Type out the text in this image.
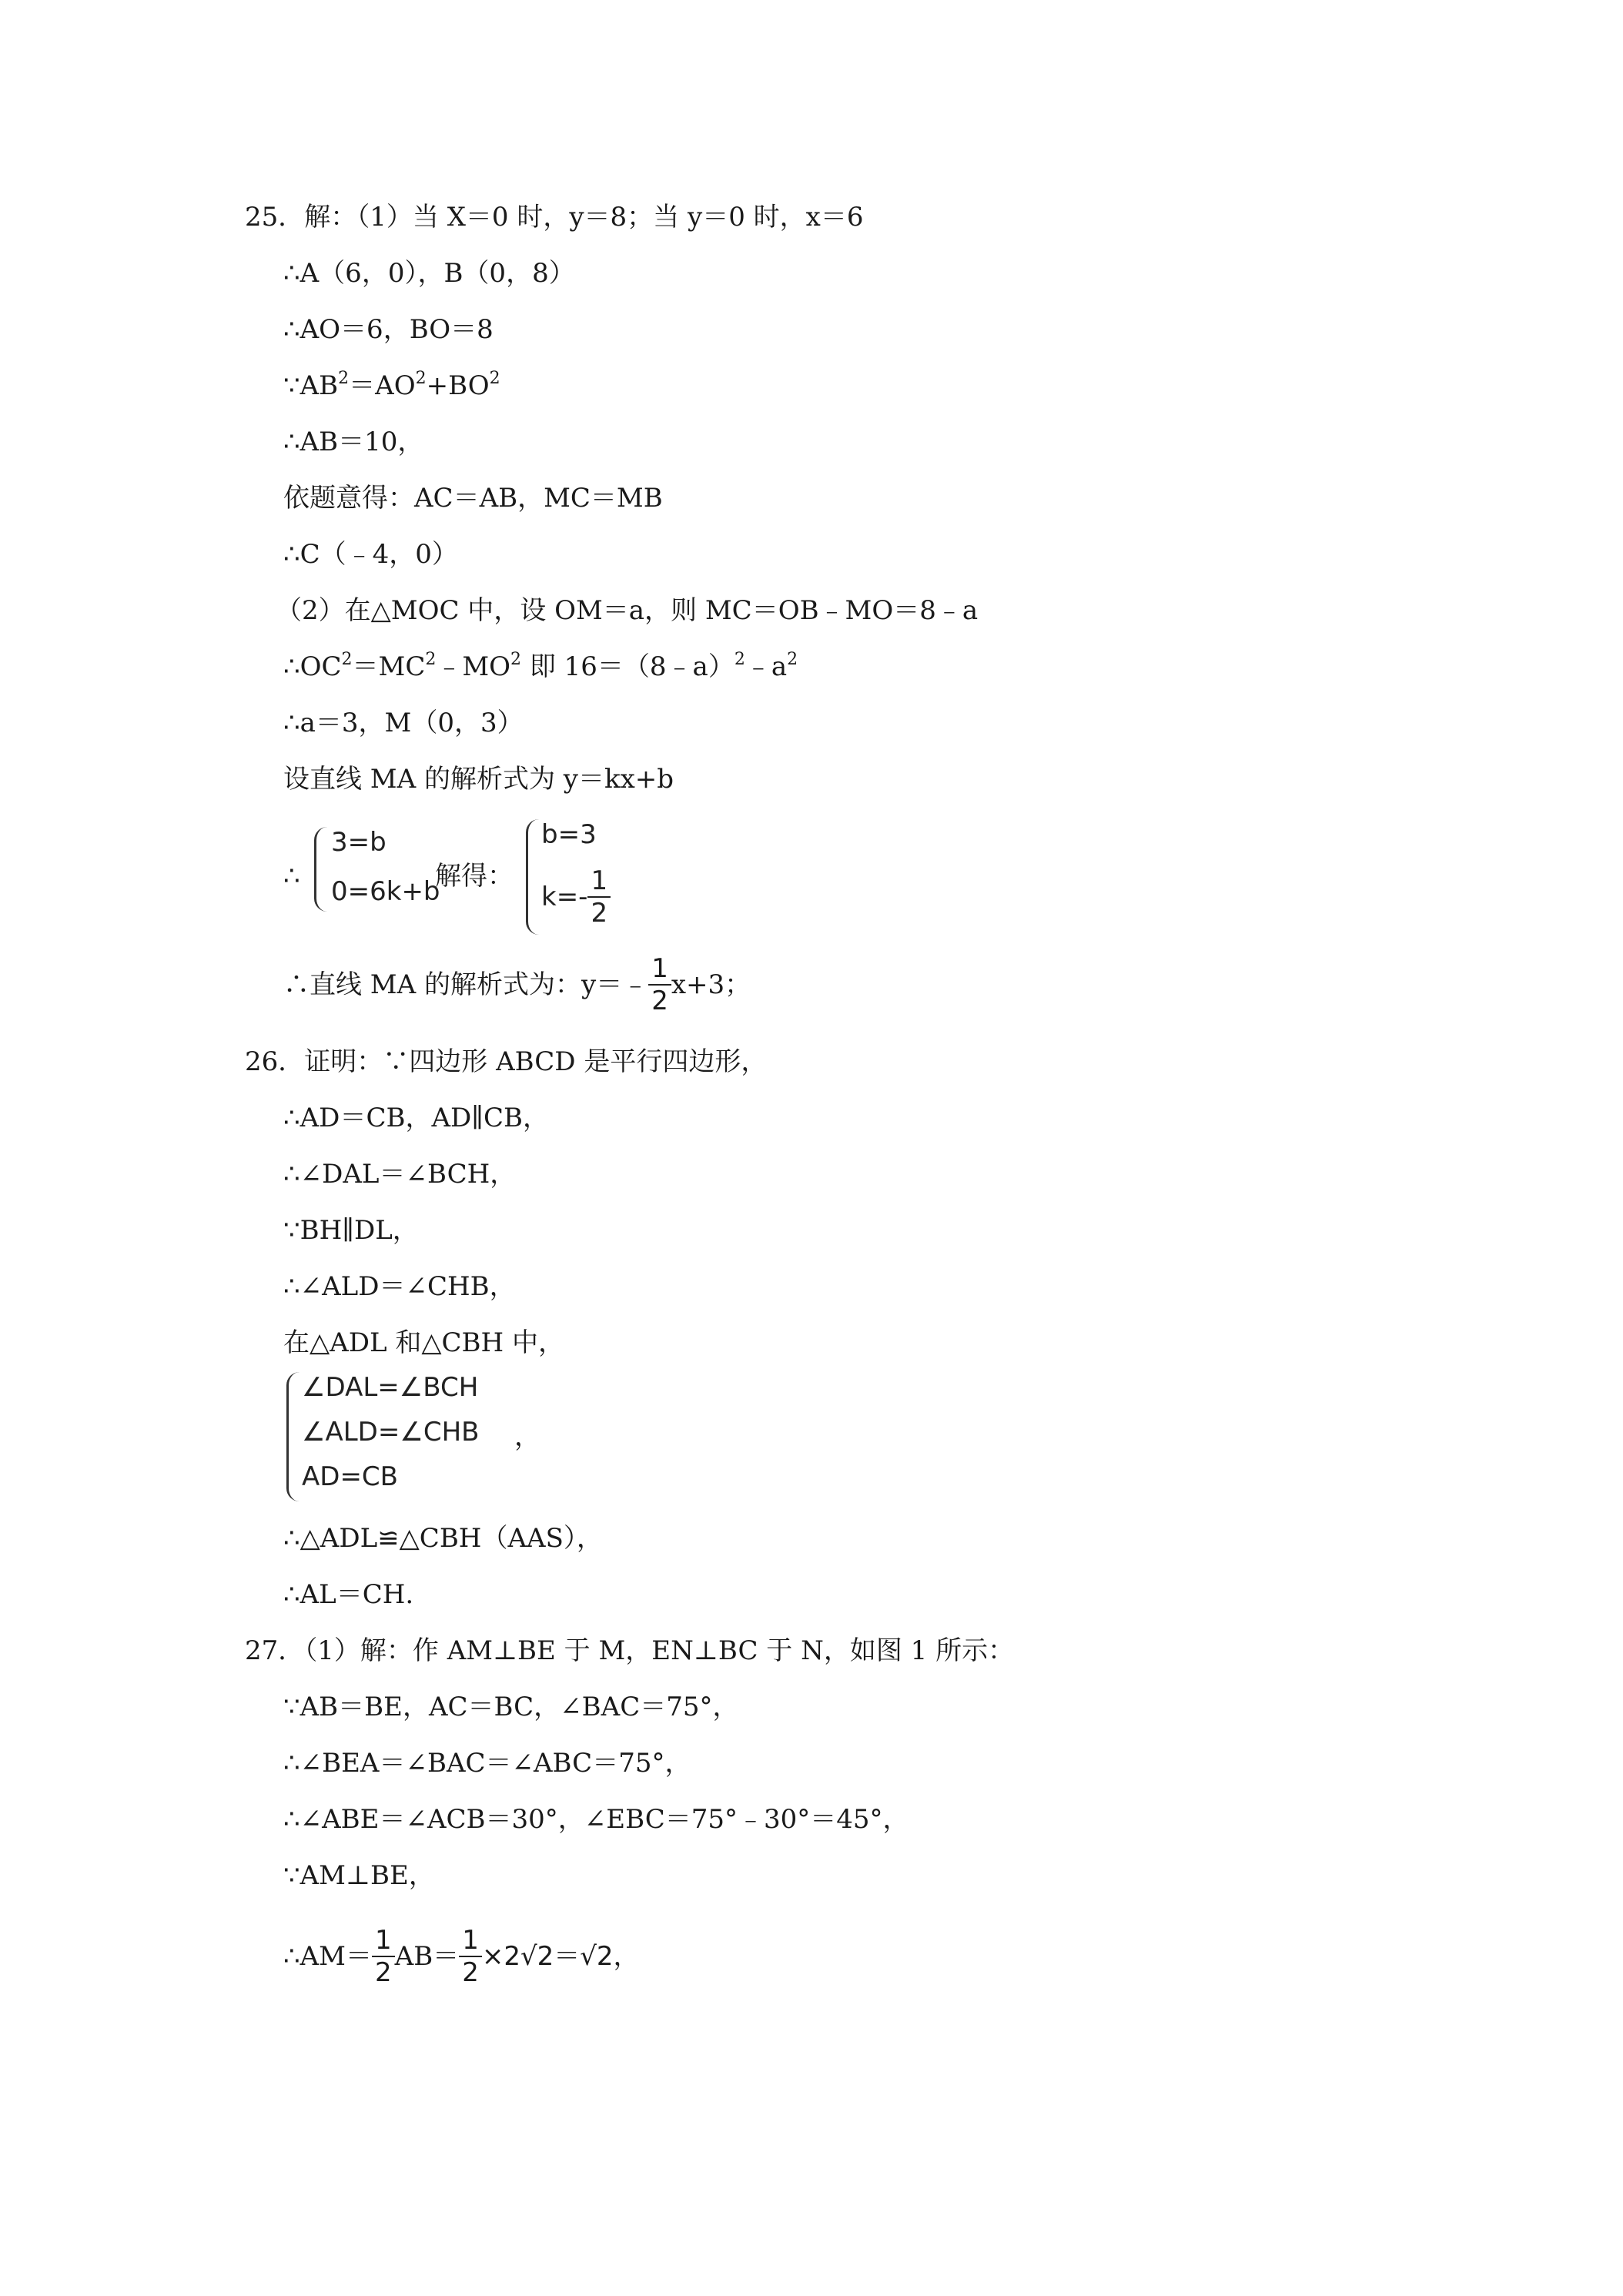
25．解：（1）当 X＝0 时，y＝8；当 y＝0 时，x＝6
∴A（6，0），B（0，8）
∴AO＝6，BO＝8
$\because AB^2=AO^2+BO^2$
∴AB＝10，
依题意得：AC＝AB，MC＝MB
∴C（﹣4，0）
（2）在△MOC 中，设 OM＝a，则 MC＝OB﹣MO＝8﹣a
$\therefore OC^2=MC^2﹣MO^2$ 即 $16=(8﹣a)^2﹣a^2$
∴a＝3，M（0，3）
设直线 MA 的解析式为 y＝kx+b
∴
3=b
0=6k+b
解得：
b=3
$k=- \frac{1}{2}$
∴直线 MA 的解析式为：y＝﹣ $\frac{1}{2} x+3$；
26．证明：∵四边形 ABCD 是平行四边形，
∴AD＝CB，AD∥CB，
∴∠DAL＝∠BCH，
∵BH∥DL，
∴∠ALD＝∠CHB，
在△ADL 和△CBH 中，
∠DAL=∠BCH
∠ALD=∠CHB
AD=CB
，
∴△ADL≌△CBH（AAS），
∴AL＝CH.
27．（1）解：作 AM⊥BE 于 M，EN⊥BC 于 N，如图 1 所示：
∵AB＝BE，AC＝BC，∠BAC＝75°，
∴∠BEA＝∠BAC＝∠ABC＝75°，
∴∠ABE＝∠ACB＝30°，∠EBC＝75°﹣30°＝45°，
∵AM⊥BE，
∴AM＝ $\frac{1}{2} AB= \frac{1}{2} \times 2√2=√2$，
